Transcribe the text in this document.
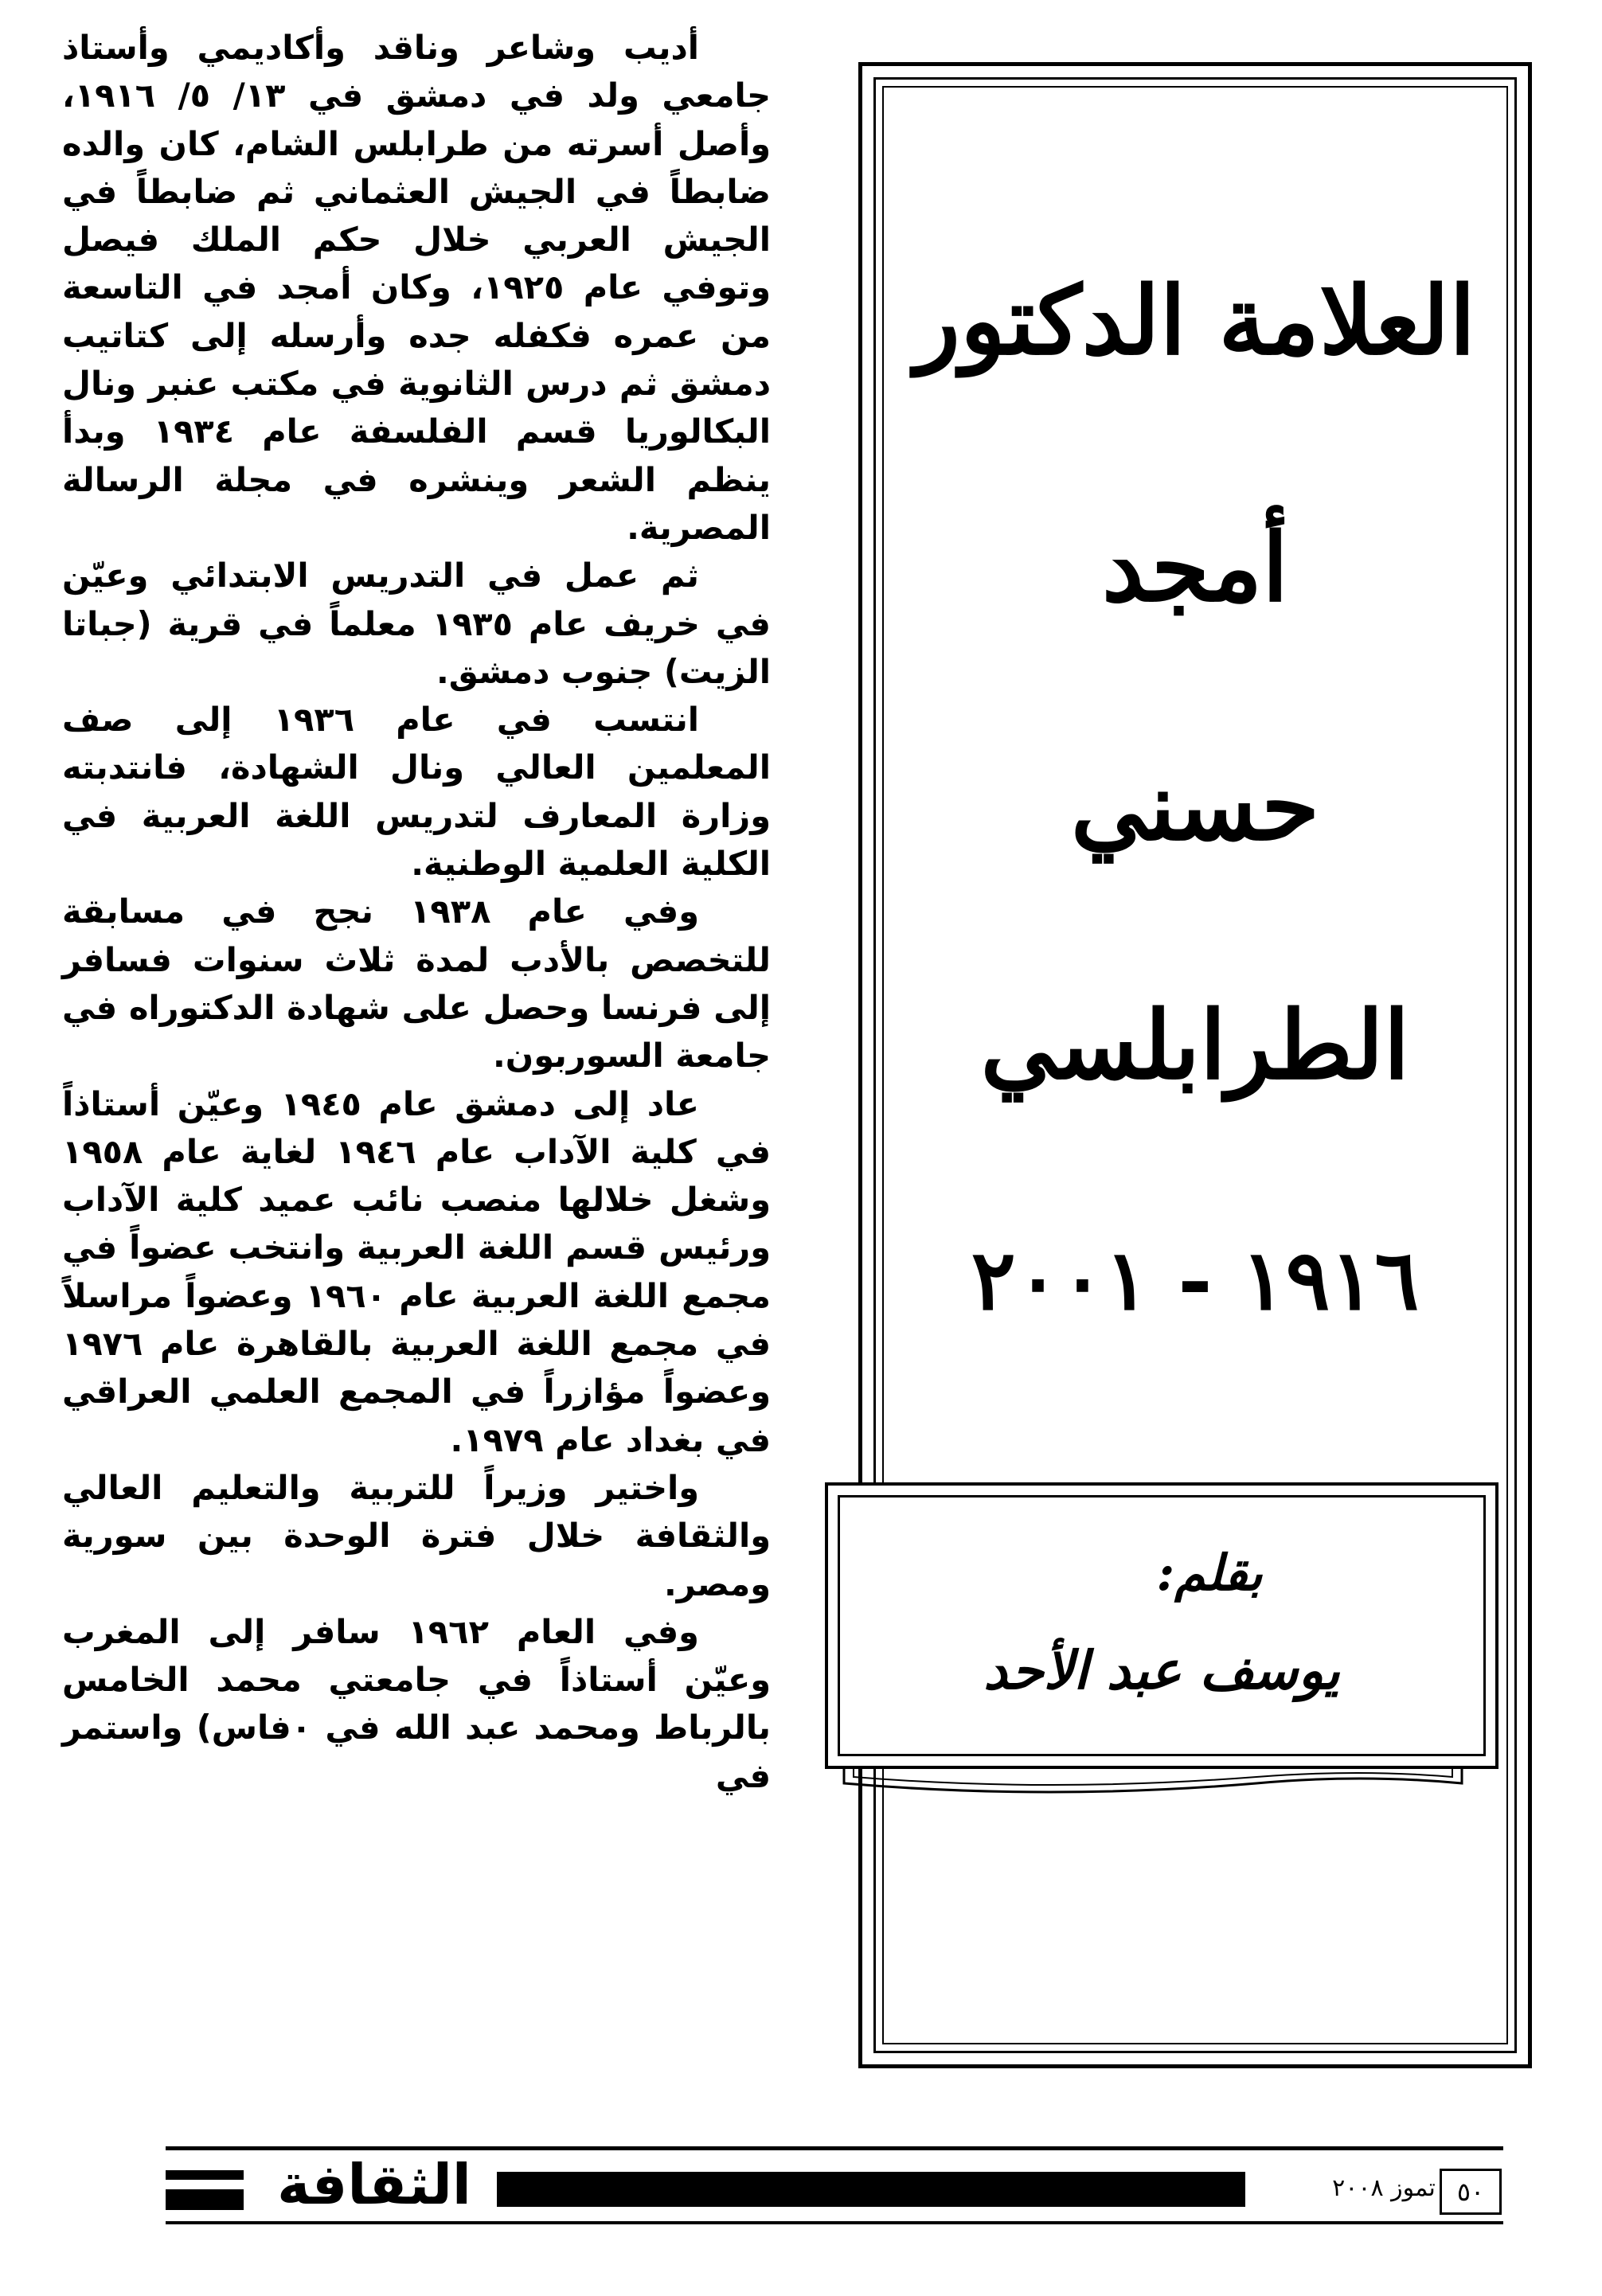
أديب وشاعر وناقد وأكاديمي وأستاذ جامعي ولد في دمشق في ١٣/ ٥/ ١٩١٦، وأصل أسرته من طرابلس الشام، كان والده ضابطاً في الجيش العثماني ثم ضابطاً في الجيش العربي خلال حكم الملك فيصل وتوفي عام ١٩٢٥، وكان أمجد في التاسعة من عمره فكفله جده وأرسله إلى كتاتيب دمشق ثم درس الثانوية في مكتب عنبر ونال البكالوريا قسم الفلسفة عام ١٩٣٤ وبدأ ينظم الشعر وينشره في مجلة الرسالة المصرية.

ثم عمل في التدريس الابتدائي وعيّن في خريف عام ١٩٣٥ معلماً في قرية (جباتا الزيت) جنوب دمشق.

انتسب في عام ١٩٣٦ إلى صف المعلمين العالي ونال الشهادة، فانتدبته وزارة المعارف لتدريس اللغة العربية في الكلية العلمية الوطنية.

وفي عام ١٩٣٨ نجح في مسابقة للتخصص بالأدب لمدة ثلاث سنوات فسافر إلى فرنسا وحصل على شهادة الدكتوراه في جامعة السوربون.

عاد إلى دمشق عام ١٩٤٥ وعيّن أستاذاً في كلية الآداب عام ١٩٤٦ لغاية عام ١٩٥٨ وشغل خلالها منصب نائب عميد كلية الآداب ورئيس قسم اللغة العربية وانتخب عضواً في مجمع اللغة العربية عام ١٩٦٠ وعضواً مراسلاً في مجمع اللغة العربية بالقاهرة عام ١٩٧٦ وعضواً مؤازراً في المجمع العلمي العراقي في بغداد عام ١٩٧٩.

واختير وزيراً للتربية والتعليم العالي والثقافة خلال فترة الوحدة بين سورية ومصر.

وفي العام ١٩٦٢ سافر إلى المغرب وعيّن أستاذاً في جامعتي محمد الخامس بالرباط ومحمد عبد الله في ٠فاس) واستمر في

العلامة الدكتور
أمجد
حسني
الطرابلسي
١٩١٦ - ٢٠٠١
بقلم:
يوسف عبد الأحد
الثقافة	تموز ٢٠٠٨ ٥٠
